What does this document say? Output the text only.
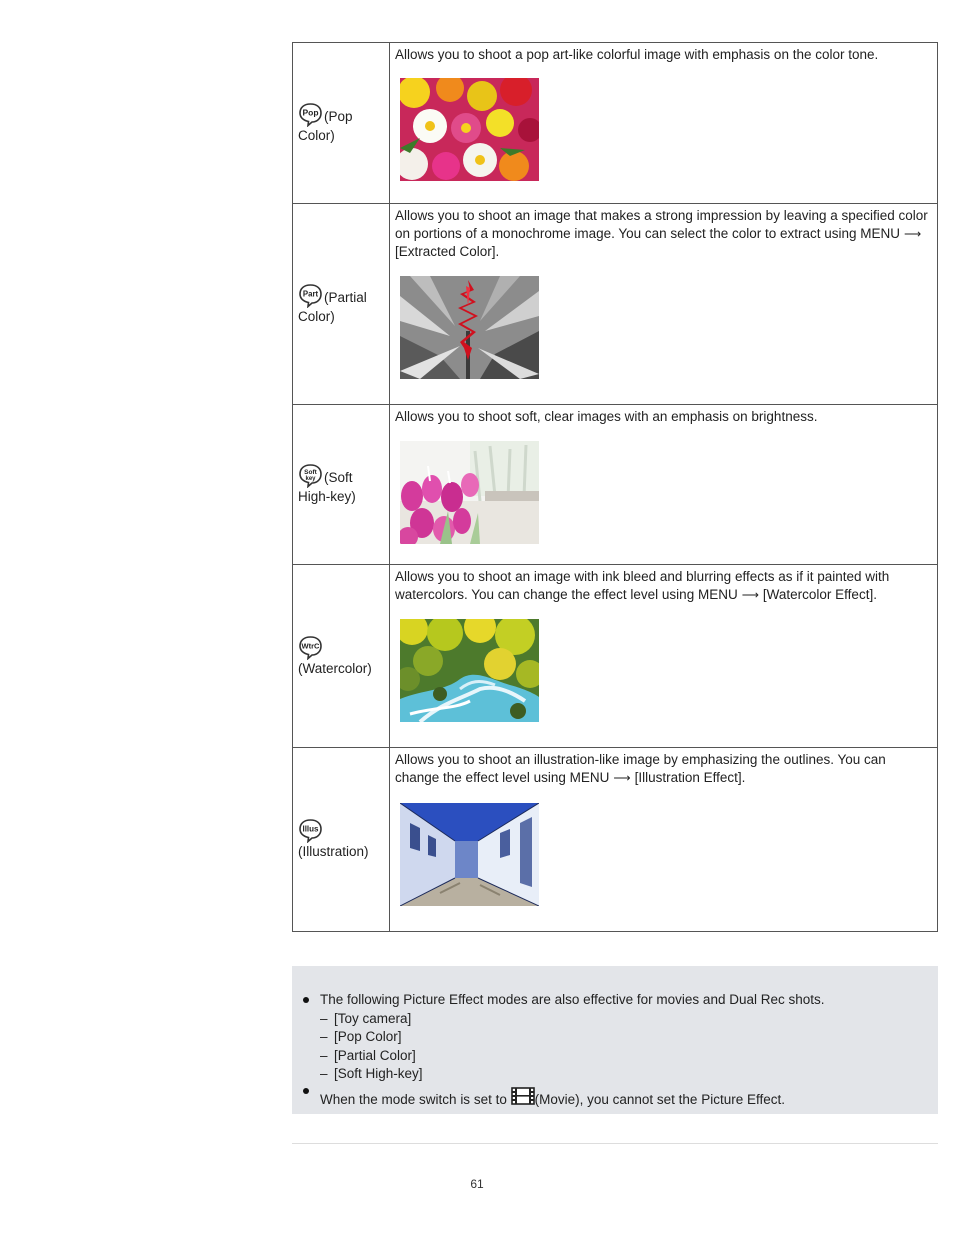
Pop (Pop
Color)	Allows you to shoot a pop art-like colorful image with emphasis on the color tone.

Part (Partial
Color)	Allows you to shoot an image that makes a strong impression by leaving a specified color on portions of a monochrome image. You can select the color to extract using MENU ⟶[Extracted Color].

Soft
key (Soft
High-key)	Allows you to shoot soft, clear images with an emphasis on brightness.

WtrC

(Watercolor)	Allows you to shoot an image with ink bleed and blurring effects as if it painted with watercolors. You can change the effect level using MENU ⟶ [Watercolor Effect].

Illus

(Illustration)	Allows you to shoot an illustration-like image by emphasizing the outlines. You can change the effect level using MENU ⟶ [Illustration Effect].

The following Picture Effect modes are also effective for movies and Dual Rec shots.
– [Toy camera]
– [Pop Color]
– [Partial Color]
– [Soft High-key]
When the mode switch is set to (Movie), you cannot set the Picture Effect.
61
